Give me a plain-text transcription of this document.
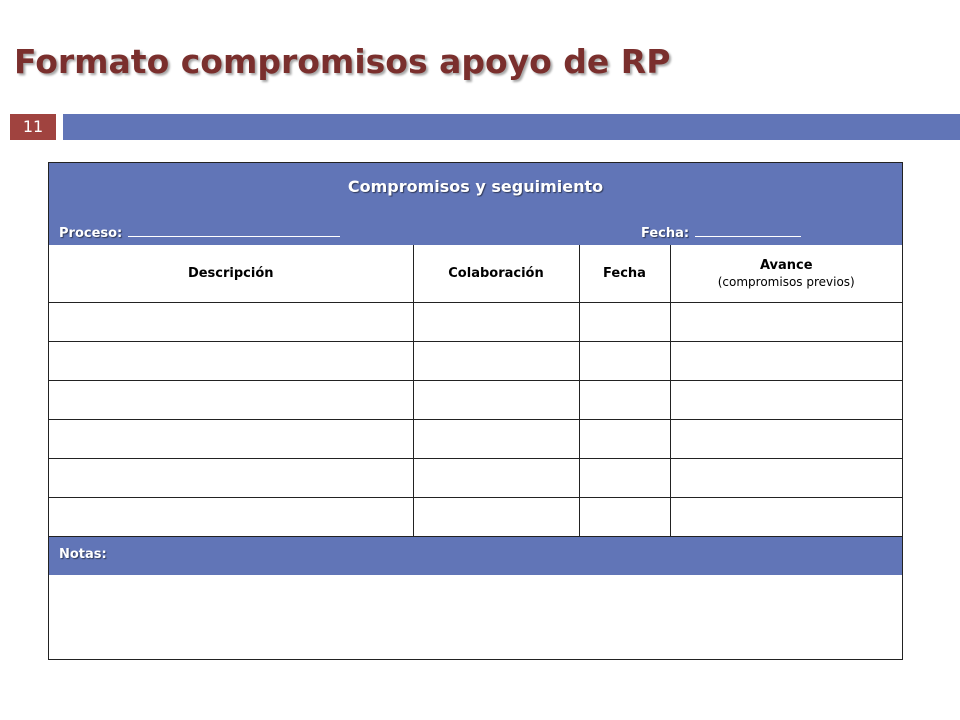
Formato compromisos apoyo de RP
11
Compromisos y seguimiento
Proceso:	Fecha:
Descripción	Colaboración	Fecha	Avance
(compromisos previos)

Notas:
